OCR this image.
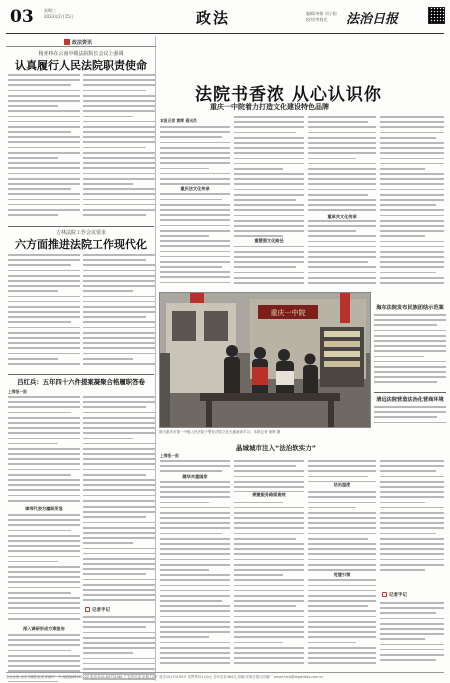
03	星期三
2023年2月15日	政法	编辑/李娟 刘子阳
校对/李春光	法治日报
政法资讯
杨亚林在云南中级法院院长会议上强调
认真履行人民法院职责使命
吉林法院工作会议要求
六方面推进法院工作现代化
吕红兵：五年四十六件提案凝聚合格履职答卷
上海报一报
律师代表为履职所急
记者手记
深入调研形成方案报告
法院书香浓 从心认识你
重庆一中院着力打造文化建设特色品牌
本报记者 黄辉 通讯员
重庆法文化传承
重塑强文化路径
重承共文化传承
重庆一中院
图为重庆市第一中级人民法院干警在法院文化长廊阅读学习。本报记者 黄辉 摄
海东法院发布民族团结示范案
清远法院营造法治化营商环境
晶城城市注入“法治软实力”
上海报一报
精华共建国家
便捷服务路面高效
法治温度
党建引领
记者手记
本社社址:北京市朝阳区花家地甲一号 邮政编码100102 电话:010-84772081 广告许可证:京朝工商广登字20170105号 零售每份1.00元 全年定价384元 印刷:法制日报社印刷厂 email:fzrb@legaldaily.com.cn
